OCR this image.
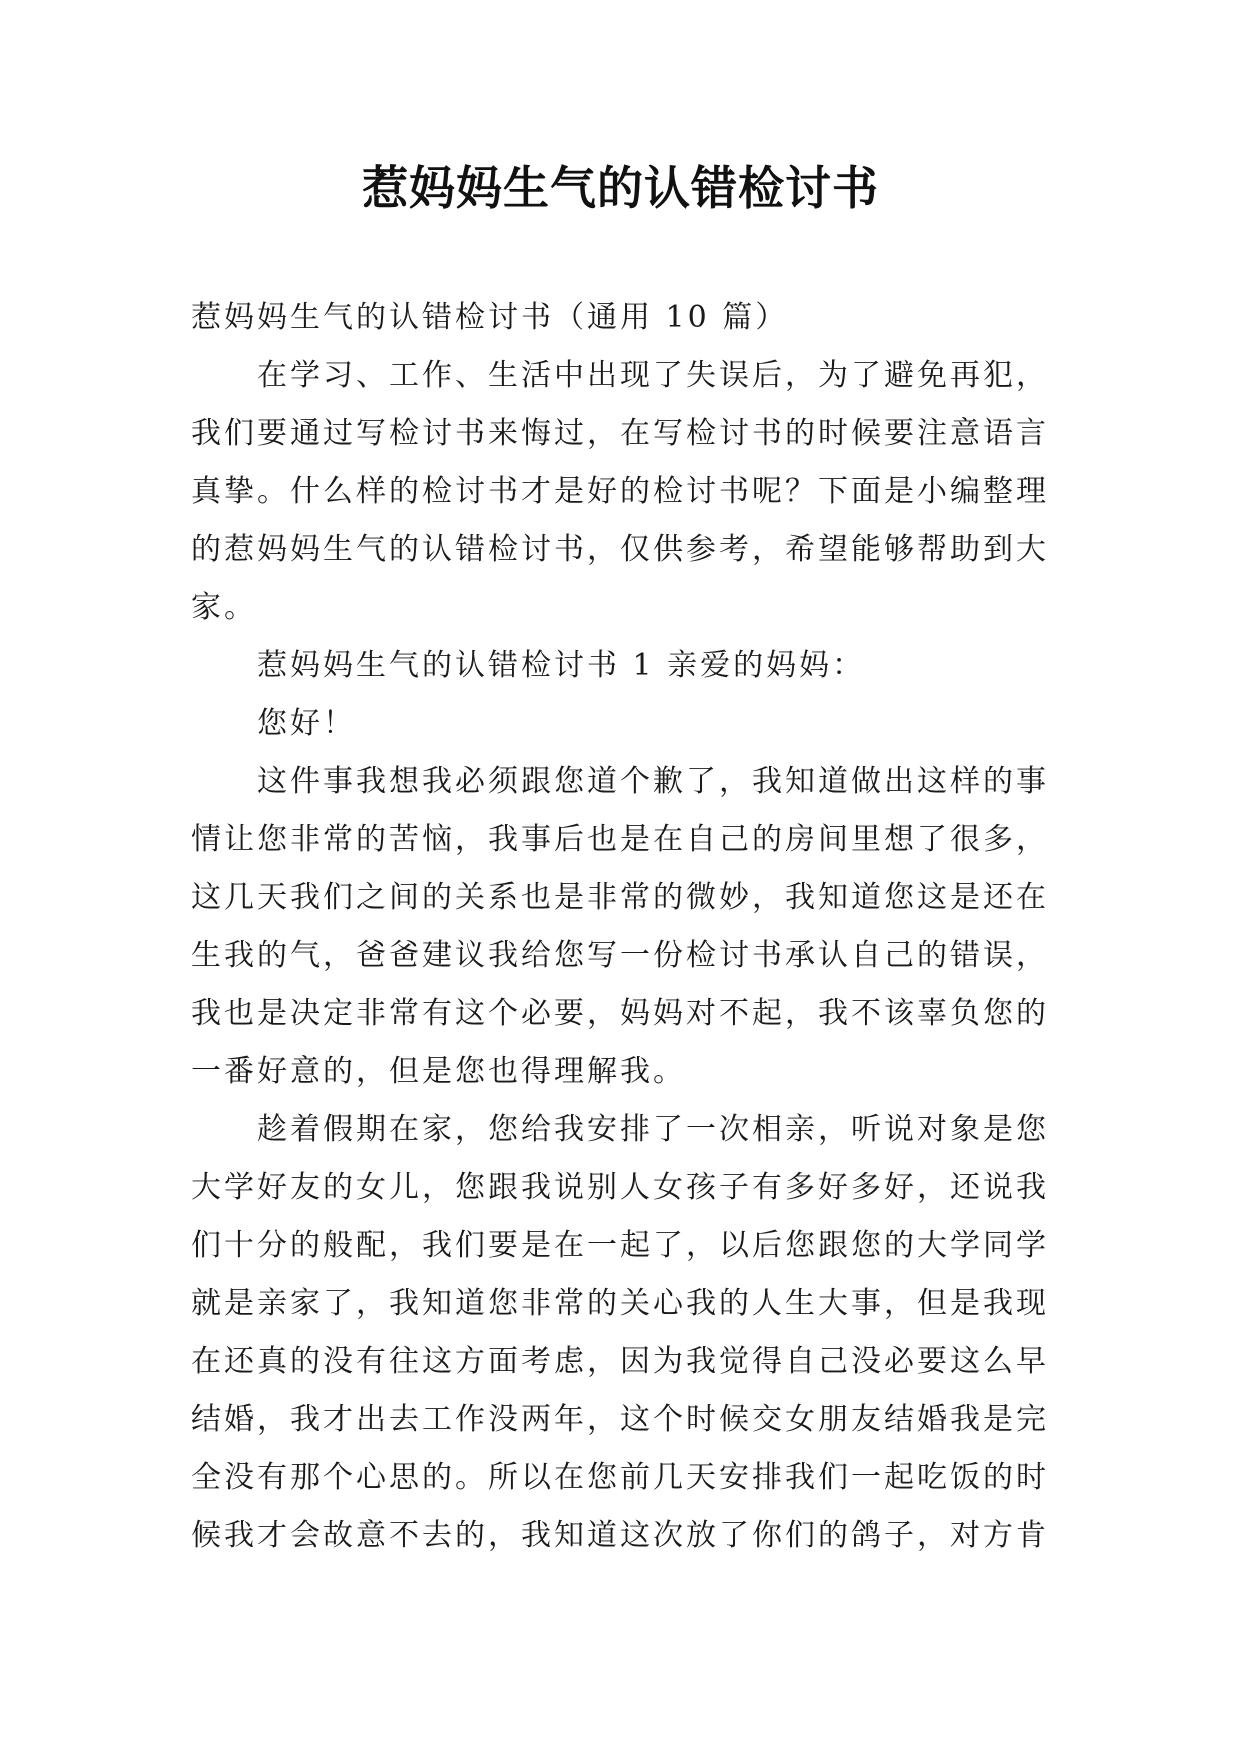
惹妈妈生气的认错检讨书

惹妈妈生气的认错检讨书（通用 10 篇）

在学习、工作、生活中出现了失误后，为了避免再犯，我们要通过写检讨书来悔过，在写检讨书的时候要注意语言真挚。什么样的检讨书才是好的检讨书呢？下面是小编整理的惹妈妈生气的认错检讨书，仅供参考，希望能够帮助到大家。

惹妈妈生气的认错检讨书 1 亲爱的妈妈：

您好！

这件事我想我必须跟您道个歉了，我知道做出这样的事情让您非常的苦恼，我事后也是在自己的房间里想了很多，这几天我们之间的关系也是非常的微妙，我知道您这是还在生我的气，爸爸建议我给您写一份检讨书承认自己的错误，我也是决定非常有这个必要，妈妈对不起，我不该辜负您的一番好意的，但是您也得理解我。

趁着假期在家，您给我安排了一次相亲，听说对象是您大学好友的女儿，您跟我说别人女孩子有多好多好，还说我们十分的般配，我们要是在一起了，以后您跟您的大学同学就是亲家了，我知道您非常的关心我的人生大事，但是我现在还真的没有往这方面考虑，因为我觉得自己没必要这么早结婚，我才出去工作没两年，这个时候交女朋友结婚我是完全没有那个心思的。所以在您前几天安排我们一起吃饭的时候我才会故意不去的，我知道这次放了你们的鸽子，对方肯
